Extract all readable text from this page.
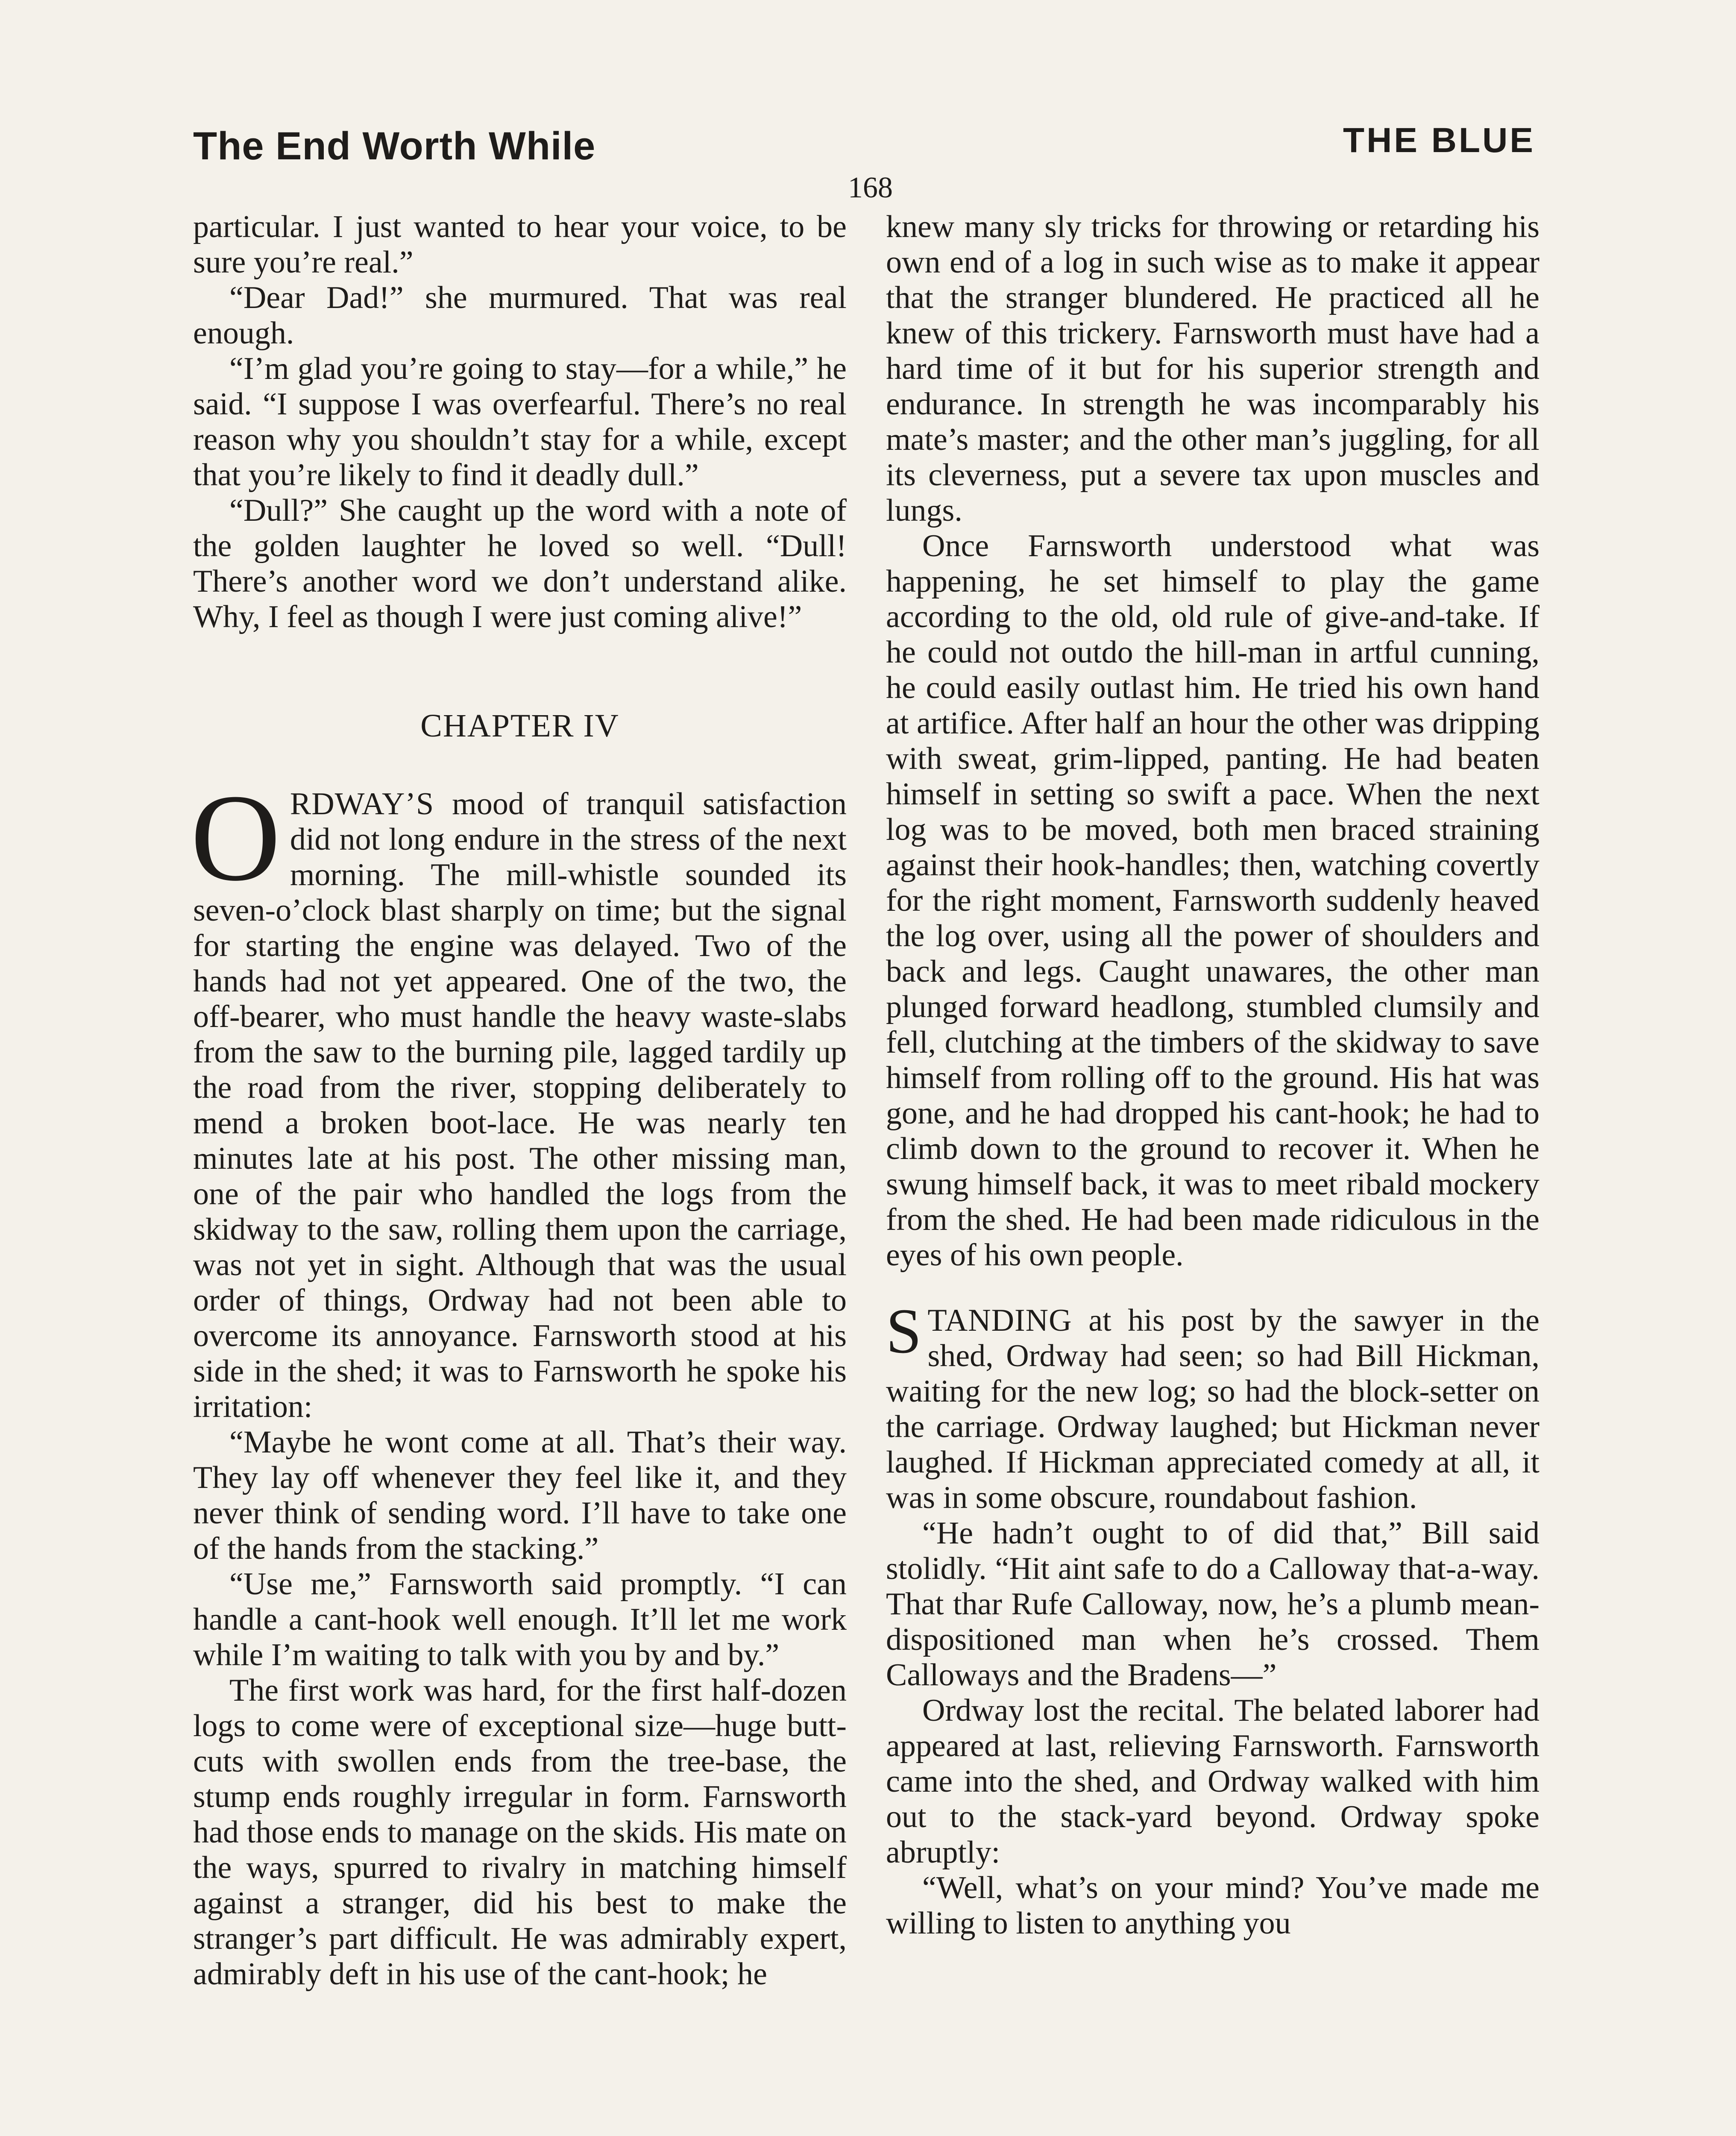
The End Worth While	THE BLUE
168

particular. I just wanted to hear your voice, to be sure you’re real.”

“Dear Dad!” she murmured. That was real enough.

“I’m glad you’re going to stay—for a while,” he said. “I suppose I was overfearful. There’s no real reason why you shouldn’t stay for a while, except that you’re likely to find it deadly dull.”

“Dull?” She caught up the word with a note of the golden laughter he loved so well. “Dull! There’s another word we don’t understand alike. Why, I feel as though I were just coming alive!”

CHAPTER IV

ORDWAY’S mood of tranquil satisfaction did not long endure in the stress of the next morning. The mill-whistle sounded its seven-o’clock blast sharply on time; but the signal for starting the engine was delayed. Two of the hands had not yet appeared. One of the two, the off-bearer, who must handle the heavy waste-slabs from the saw to the burning pile, lagged tardily up the road from the river, stopping deliberately to mend a broken boot-lace. He was nearly ten minutes late at his post. The other missing man, one of the pair who handled the logs from the skidway to the saw, rolling them upon the carriage, was not yet in sight. Although that was the usual order of things, Ordway had not been able to overcome its annoyance. Farnsworth stood at his side in the shed; it was to Farnsworth he spoke his irritation:

“Maybe he wont come at all. That’s their way. They lay off whenever they feel like it, and they never think of sending word. I’ll have to take one of the hands from the stacking.”

“Use me,” Farnsworth said promptly. “I can handle a cant-hook well enough. It’ll let me work while I’m waiting to talk with you by and by.”

The first work was hard, for the first half-dozen logs to come were of exceptional size—huge butt-cuts with swollen ends from the tree-base, the stump ends roughly irregular in form. Farnsworth had those ends to manage on the skids. His mate on the ways, spurred to rivalry in matching himself against a stranger, did his best to make the stranger’s part difficult. He was admirably expert, admirably deft in his use of the cant-hook; he

knew many sly tricks for throwing or retarding his own end of a log in such wise as to make it appear that the stranger blundered. He practiced all he knew of this trickery. Farnsworth must have had a hard time of it but for his superior strength and endurance. In strength he was incomparably his mate’s master; and the other man’s juggling, for all its cleverness, put a severe tax upon muscles and lungs.

Once Farnsworth understood what was happening, he set himself to play the game according to the old, old rule of give-and-take. If he could not outdo the hill-man in artful cunning, he could easily outlast him. He tried his own hand at artifice. After half an hour the other was dripping with sweat, grim-lipped, panting. He had beaten himself in setting so swift a pace. When the next log was to be moved, both men braced straining against their hook-handles; then, watching covertly for the right moment, Farnsworth suddenly heaved the log over, using all the power of shoulders and back and legs. Caught unawares, the other man plunged forward headlong, stumbled clumsily and fell, clutching at the timbers of the skidway to save himself from rolling off to the ground. His hat was gone, and he had dropped his cant-hook; he had to climb down to the ground to recover it. When he swung himself back, it was to meet ribald mockery from the shed. He had been made ridiculous in the eyes of his own people.

STANDING at his post by the sawyer in the shed, Ordway had seen; so had Bill Hickman, waiting for the new log; so had the block-setter on the carriage. Ordway laughed; but Hickman never laughed. If Hickman appreciated comedy at all, it was in some obscure, roundabout fashion.

“He hadn’t ought to of did that,” Bill said stolidly. “Hit aint safe to do a Calloway that-a-way. That thar Rufe Calloway, now, he’s a plumb mean-dispositioned man when he’s crossed. Them Calloways and the Bradens—”

Ordway lost the recital. The belated laborer had appeared at last, relieving Farnsworth. Farnsworth came into the shed, and Ordway walked with him out to the stack-yard beyond. Ordway spoke abruptly:

“Well, what’s on your mind? You’ve made me willing to listen to anything you
